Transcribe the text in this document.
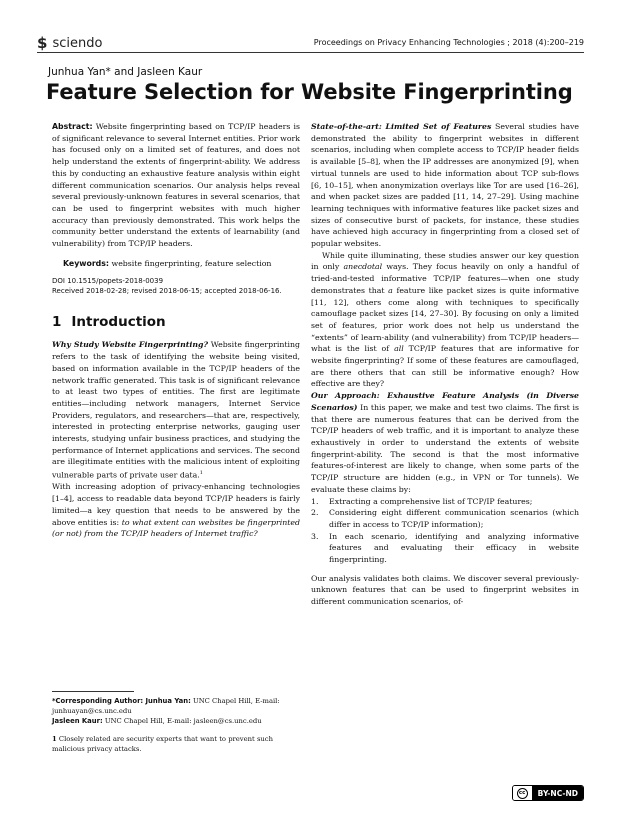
$ sciendo	Proceedings on Privacy Enhancing Technologies ; 2018 (4):200–219
Junhua Yan* and Jasleen Kaur
Feature Selection for Website Fingerprinting

Abstract: Website fingerprinting based on TCP/IP headers is of significant relevance to several Internet entities. Prior work has focused only on a limited set of features, and does not help understand the extents of fingerprint-ability. We address this by conducting an exhaustive feature analysis within eight different communication scenarios. Our analysis helps reveal several previously-unknown features in several scenarios, that can be used to fingerprint websites with much higher accuracy than previously demonstrated. This work helps the community better understand the extents of learnability (and vulnerability) from TCP/IP headers.

Keywords: website fingerprinting, feature selection

DOI 10.1515/popets-2018-0039
Received 2018-02-28; revised 2018-06-15; accepted 2018-06-16.
1 Introduction

Why Study Website Fingerprinting? Website fingerprinting refers to the task of identifying the website being visited, based on information available in the TCP/IP headers of the network traffic generated. This task is of significant relevance to at least two types of entities. The first are legitimate entities—including network managers, Internet Service Providers, regulators, and researchers—that are, respectively, interested in protecting enterprise networks, gauging user interests, studying unfair business practices, and studying the performance of Internet applications and services. The second are illegitimate entities with the malicious intent of exploiting vulnerable parts of private user data.$^1$

With increasing adoption of privacy-enhancing technologies [1–4], access to readable data beyond TCP/IP headers is fairly limited—a key question that needs to be answered by the above entities is: to what extent can websites be fingerprinted (or not) from the TCP/IP headers of Internet traffic?

*Corresponding Author: Junhua Yan: UNC Chapel Hill, E-mail: junhuayan@cs.unc.edu
Jasleen Kaur: UNC Chapel Hill, E-mail: jasleen@cs.unc.edu
1 Closely related are security experts that want to prevent such malicious privacy attacks.

State-of-the-art: Limited Set of Features Several studies have demonstrated the ability to fingerprint websites in different scenarios, including when complete access to TCP/IP header fields is available [5–8], when the IP addresses are anonymized [9], when virtual tunnels are used to hide information about TCP sub-flows [6, 10–15], when anonymization overlays like Tor are used [16–26], and when packet sizes are padded [11, 14, 27–29]. Using machine learning techniques with informative features like packet sizes and sizes of consecutive burst of packets, for instance, these studies have achieved high accuracy in fingerprinting from a closed set of popular websites.

While quite illuminating, these studies answer our key question in only anecdotal ways. They focus heavily on only a handful of tried-and-tested informative TCP/IP features—when one study demonstrates that a feature like packet sizes is quite informative [11, 12], others come along with techniques to specifically camouflage packet sizes [14, 27–30]. By focusing on only a limited set of features, prior work does not help us understand the “extents” of learn-ability (and vulnerability) from TCP/IP headers—what is the list of all TCP/IP features that are informative for website fingerprinting? If some of these features are camouflaged, are there others that can still be informative enough? How effective are they?

Our Approach: Exhaustive Feature Analysis (in Diverse Scenarios) In this paper, we make and test two claims. The first is that there are numerous features that can be derived from the TCP/IP headers of web traffic, and it is important to analyze these exhaustively in order to understand the extents of website fingerprint-ability. The second is that the most informative features-of-interest are likely to change, when some parts of the TCP/IP structure are hidden (e.g., in VPN or Tor tunnels). We evaluate these claims by:

1. Extracting a comprehensive list of TCP/IP features;
2. Considering eight different communication scenarios (which differ in access to TCP/IP information);
3. In each scenario, identifying and analyzing informative features and evaluating their efficacy in website fingerprinting.

Our analysis validates both claims. We discover several previously-unknown features that can be used to fingerprint websites in different communication scenarios, of-

cc	BY-NC-ND
